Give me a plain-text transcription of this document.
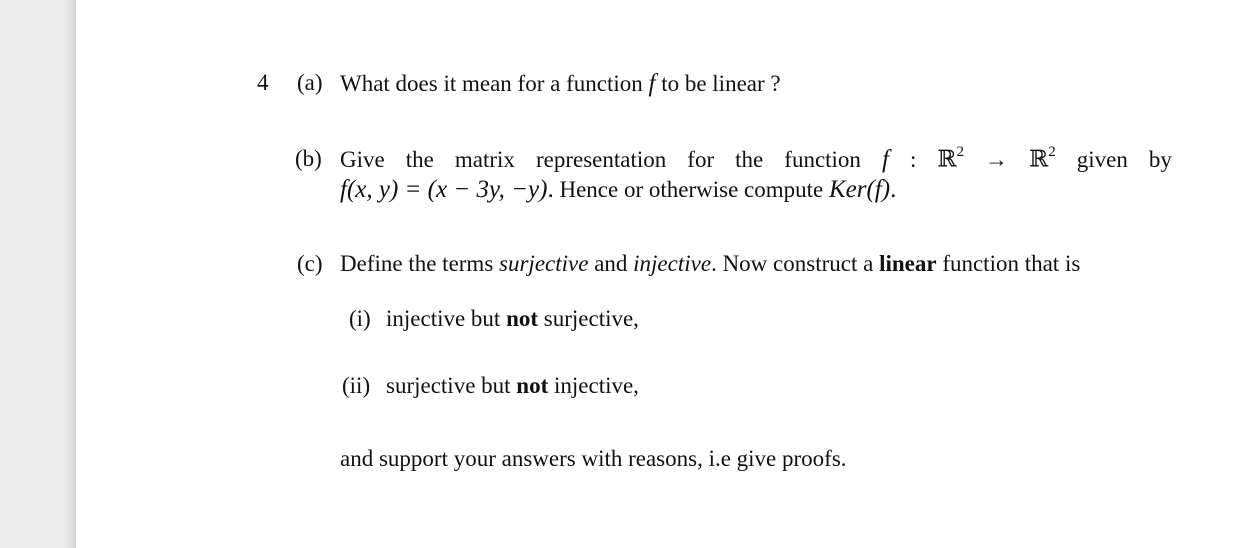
4 (a) What does it mean for a function f to be linear ?
(b) Give the matrix representation for the function f : ℝ$^2$ → ℝ$^2$ given by
f(x, y) = (x − 3y, −y). Hence or otherwise compute Ker(f).
(c) Define the terms surjective and injective. Now construct a linear function that is
(i) injective but not surjective,
(ii) surjective but not injective,
and support your answers with reasons, i.e give proofs.
